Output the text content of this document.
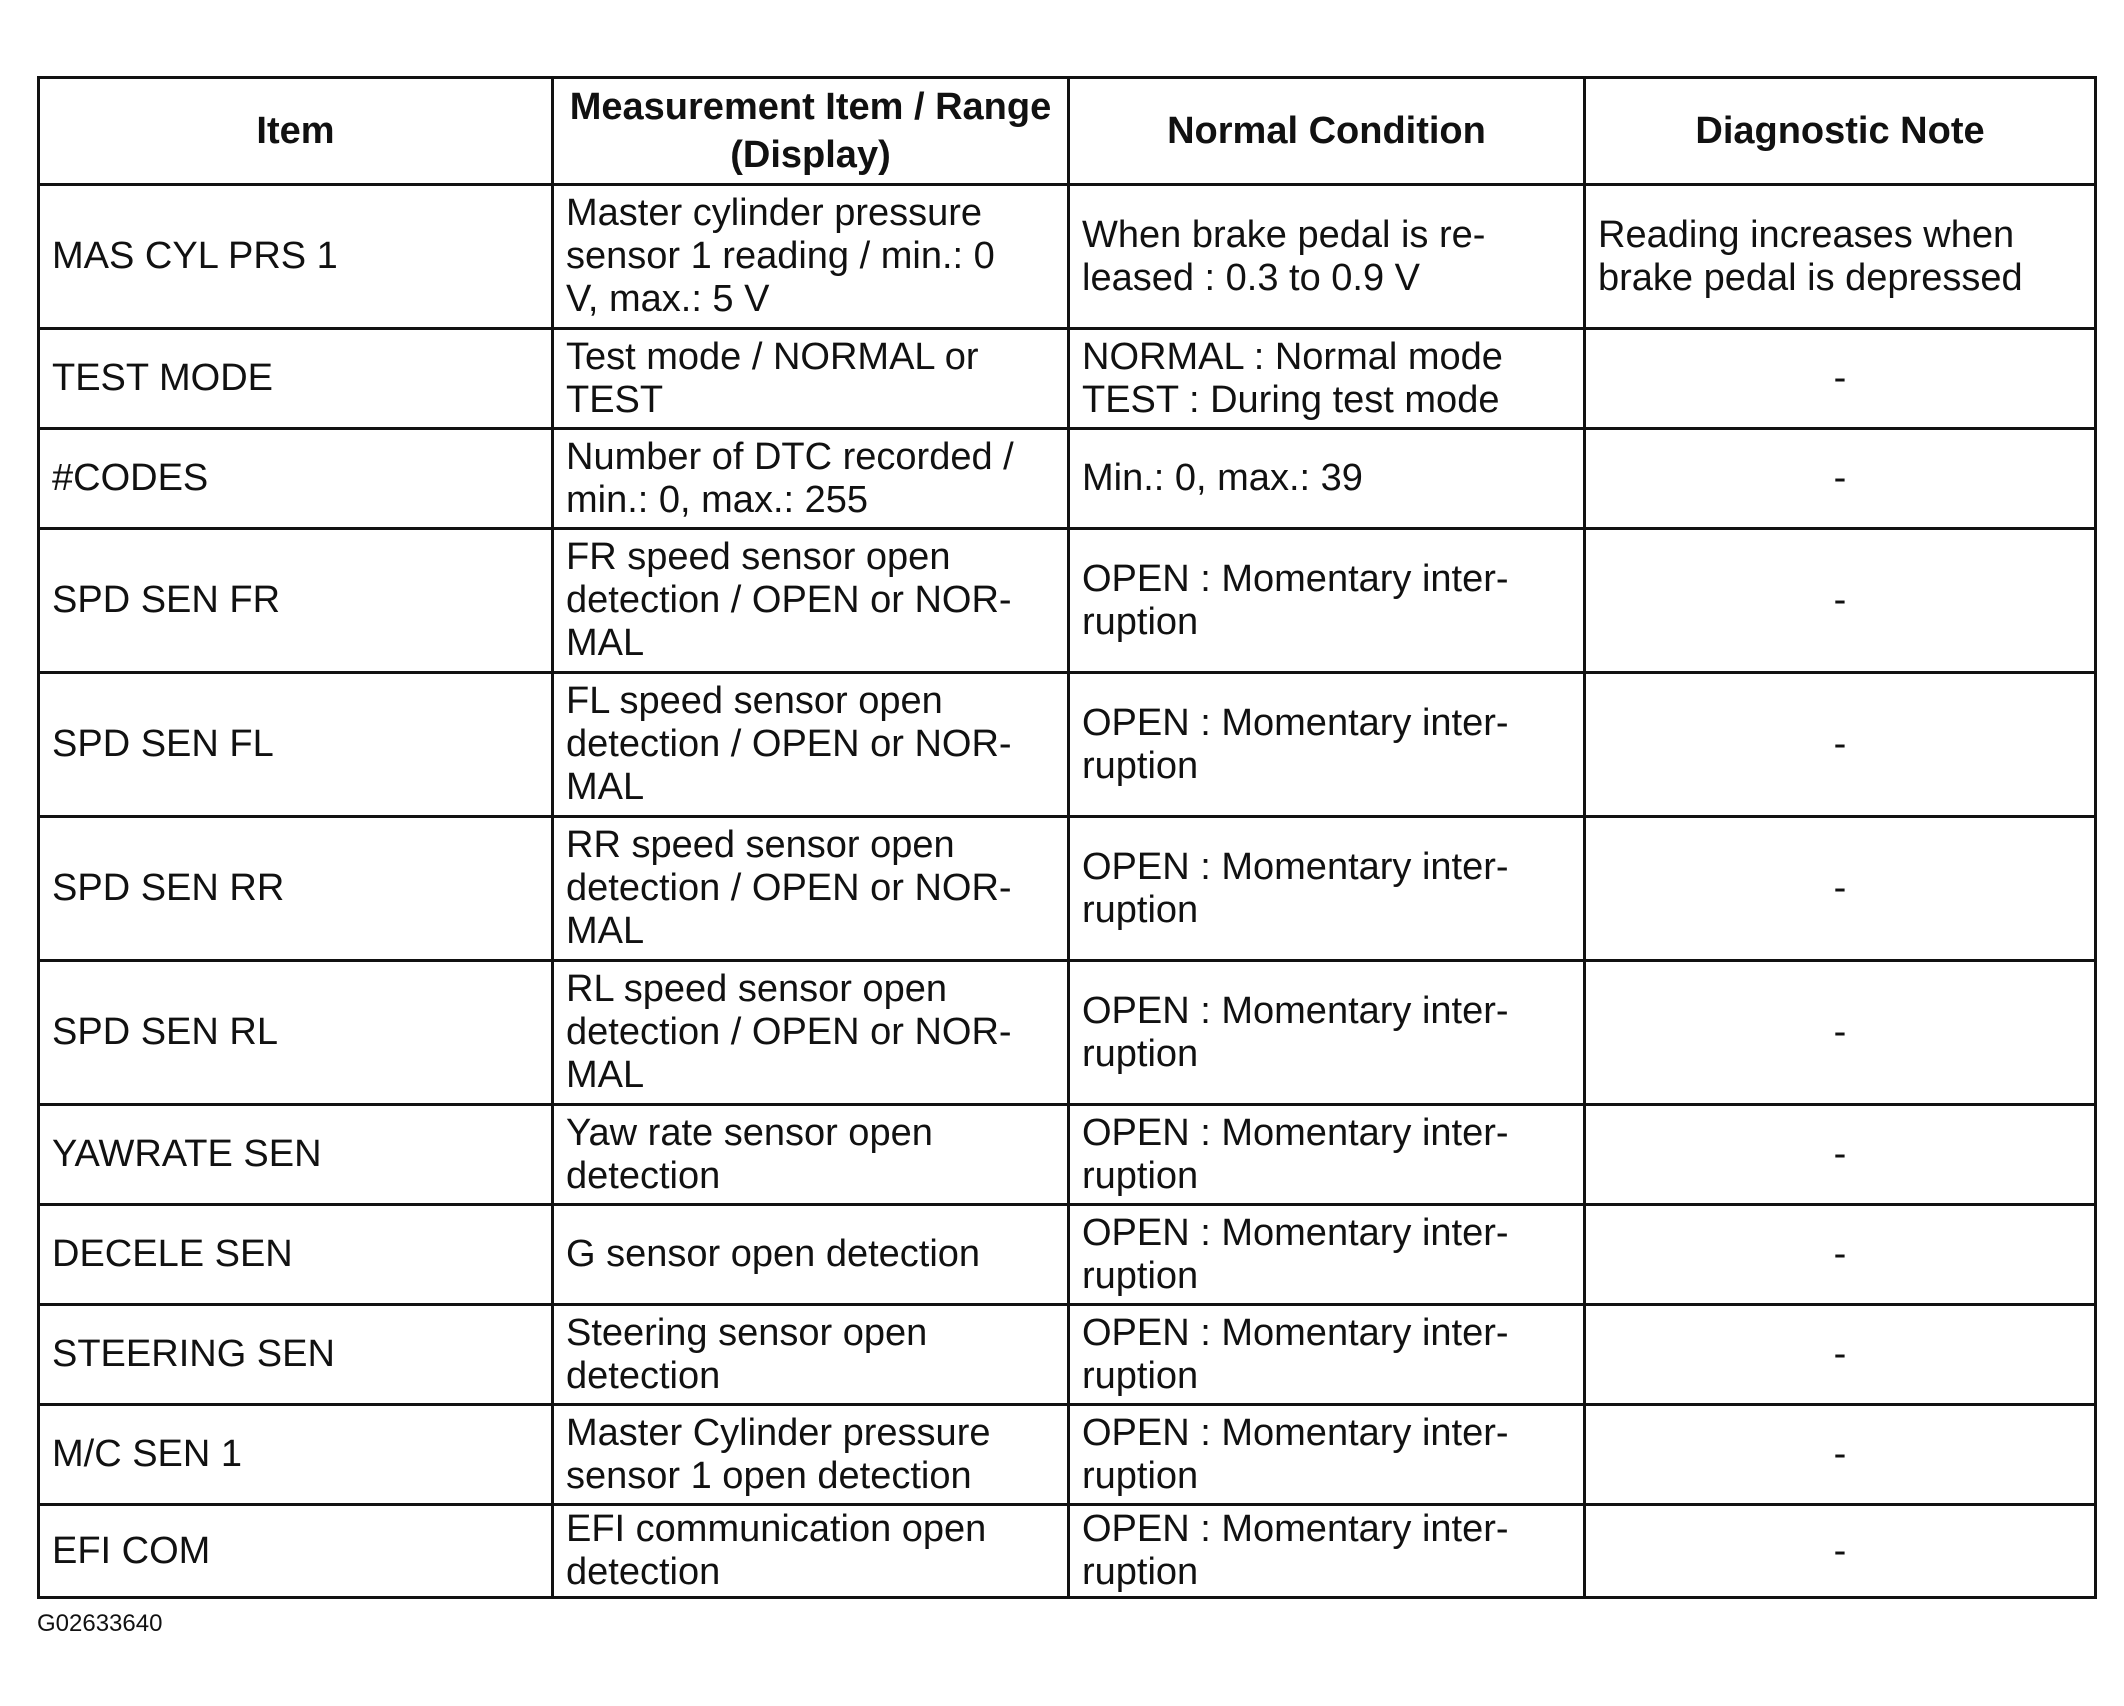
Item	Measurement Item / Range (Display)	Normal Condition	Diagnostic Note
MAS CYL PRS 1	Master cylinder pressure
sensor 1 reading / min.: 0
V, max.: 5 V	When brake pedal is re-
leased : 0.3 to 0.9 V	Reading increases when
brake pedal is depressed
TEST MODE	Test mode / NORMAL or
TEST	NORMAL : Normal mode
TEST : During test mode	-
#CODES	Number of DTC recorded /
min.: 0, max.: 255	Min.: 0, max.: 39	-
SPD SEN FR	FR speed sensor open
detection / OPEN or NOR-
MAL	OPEN : Momentary inter-
ruption	-
SPD SEN FL	FL speed sensor open
detection / OPEN or NOR-
MAL	OPEN : Momentary inter-
ruption	-
SPD SEN RR	RR speed sensor open
detection / OPEN or NOR-
MAL	OPEN : Momentary inter-
ruption	-
SPD SEN RL	RL speed sensor open
detection / OPEN or NOR-
MAL	OPEN : Momentary inter-
ruption	-
YAWRATE SEN	Yaw rate sensor open
detection	OPEN : Momentary inter-
ruption	-
DECELE SEN	G sensor open detection	OPEN : Momentary inter-
ruption	-
STEERING SEN	Steering sensor open
detection	OPEN : Momentary inter-
ruption	-
M/C SEN 1	Master Cylinder pressure
sensor 1 open detection	OPEN : Momentary inter-
ruption	-
EFI COM	EFI communication open
detection	OPEN : Momentary inter-
ruption	-
G02633640
